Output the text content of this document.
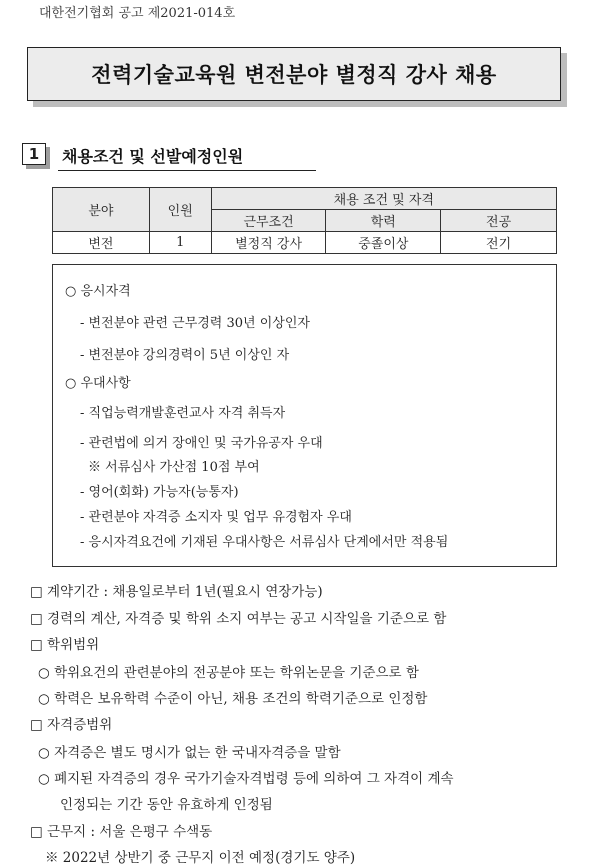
대한전기협회 공고 제2021-014호
전력기술교육원 변전분야 별정직 강사 채용
1	채용조건 및 선발예정인원
분야	인원	채용 조건 및 자격		
		근무조건	학력	전공
변전	1	별정직 강사	중졸이상	전기
○ 응시자격
- 변전분야 관련 근무경력 30년 이상인자
- 변전분야 강의경력이 5년 이상인 자
○ 우대사항
- 직업능력개발훈련교사 자격 취득자
- 관련법에 의거 장애인 및 국가유공자 우대
※ 서류심사 가산점 10점 부여
- 영어(회화) 가능자(능통자)
- 관련분야 자격증 소지자 및 업무 유경험자 우대
- 응시자격요건에 기재된 우대사항은 서류심사 단계에서만 적용됨
□ 계약기간 : 채용일로부터 1년(필요시 연장가능)
□ 경력의 계산, 자격증 및 학위 소지 여부는 공고 시작일을 기준으로 함
□ 학위범위
○ 학위요건의 관련분야의 전공분야 또는 학위논문을 기준으로 함
○ 학력은 보유학력 수준이 아닌, 채용 조건의 학력기준으로 인정함
□ 자격증범위
○ 자격증은 별도 명시가 없는 한 국내자격증을 말함
○ 폐지된 자격증의 경우 국가기술자격법령 등에 의하여 그 자격이 계속
인정되는 기간 동안 유효하게 인정됨
□ 근무지 : 서울 은평구 수색동
※ 2022년 상반기 중 근무지 이전 예정(경기도 양주)
